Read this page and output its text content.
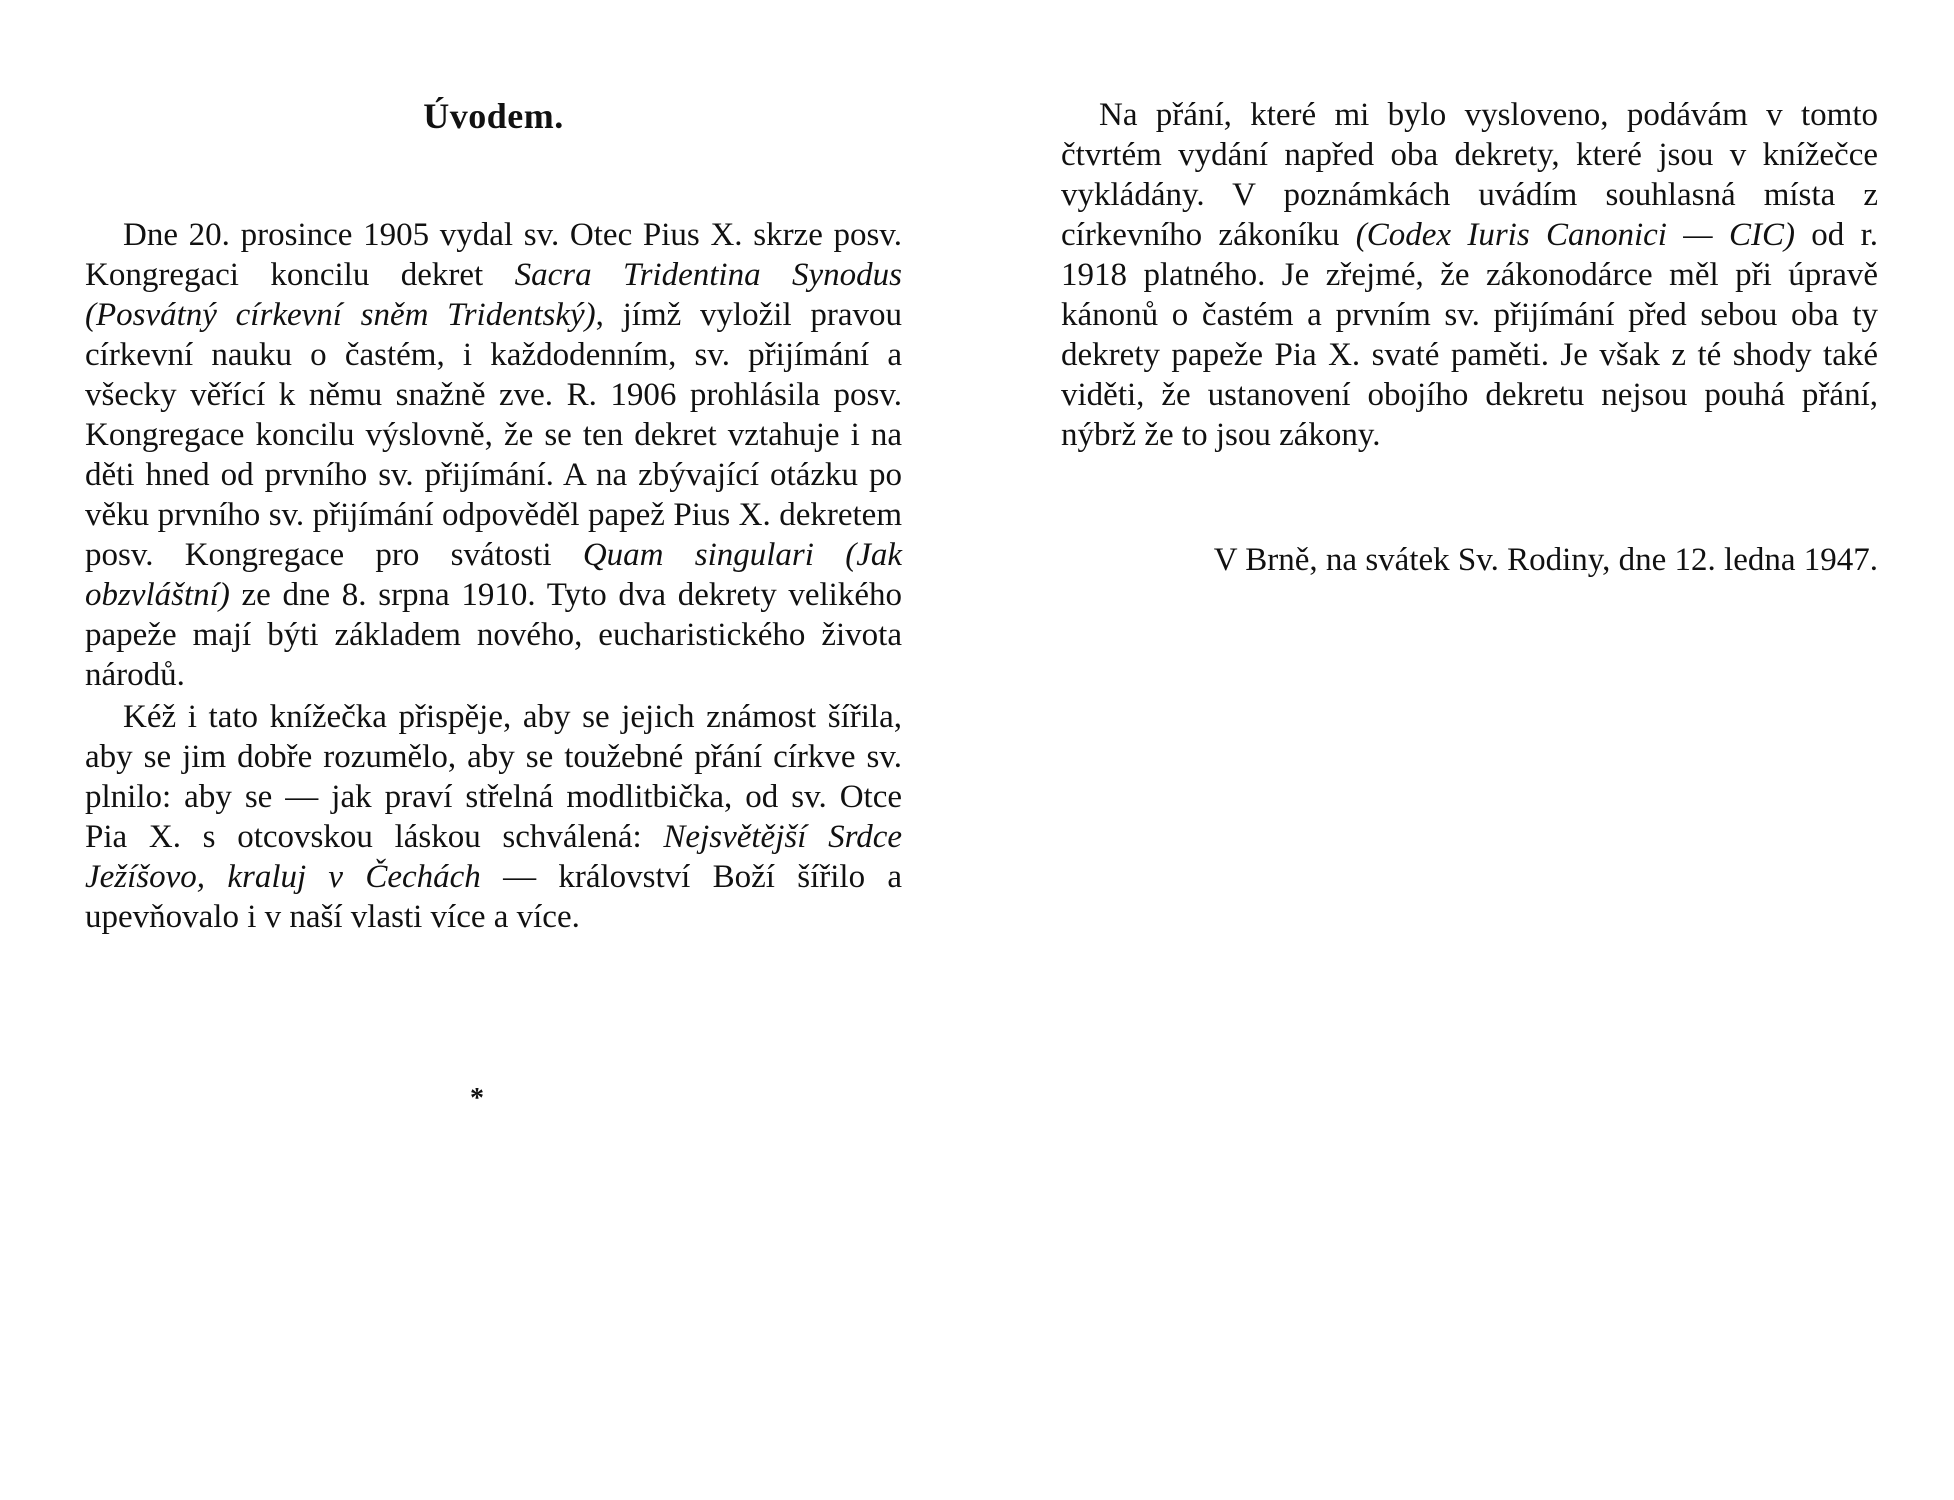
Úvodem.

Dne 20. prosince 1905 vydal sv. Otec Pius X. skrze posv. Kongregaci koncilu dekret Sacra Tridentina Synodus (Posvátný církevní sněm Tridentský), jímž vyložil pravou církevní nauku o častém, i každodenním, sv. přijímání a všecky věřící k němu snažně zve. R. 1906 prohlásila posv. Kongregace koncilu výslovně, že se ten dekret vztahuje i na děti hned od prvního sv. přijímání. A na zbývající otázku po věku prvního sv. přijímání odpověděl papež Pius X. dekretem posv. Kongregace pro svátosti Quam singulari (Jak obzvláštní) ze dne 8. srpna 1910. Tyto dva dekrety velikého papeže mají býti základem nového, eucharistického života národů.

Kéž i tato knížečka přispěje, aby se jejich známost šířila, aby se jim dobře rozumělo, aby se toužebné přání církve sv. plnilo: aby se — jak praví střelná modlitbička, od sv. Otce Pia X. s otcovskou láskou schválená: Nejsvětější Srdce Ježíšovo, kraluj v Čechách — království Boží šířilo a upevňovalo i v naší vlasti více a více.

*

Na přání, které mi bylo vysloveno, podávám v tomto čtvrtém vydání napřed oba dekrety, které jsou v knížečce vykládány. V poznámkách uvádím souhlasná místa z církevního zákoníku (Codex Iuris Canonici — CIC) od r. 1918 platného. Je zřejmé, že zákonodárce měl při úpravě kánonů o častém a prvním sv. přijímání před sebou oba ty dekrety papeže Pia X. svaté paměti. Je však z té shody také viděti, že ustanovení obojího dekretu nejsou pouhá přání, nýbrž že to jsou zákony.

V Brně, na svátek Sv. Rodiny, dne 12. ledna 1947.
